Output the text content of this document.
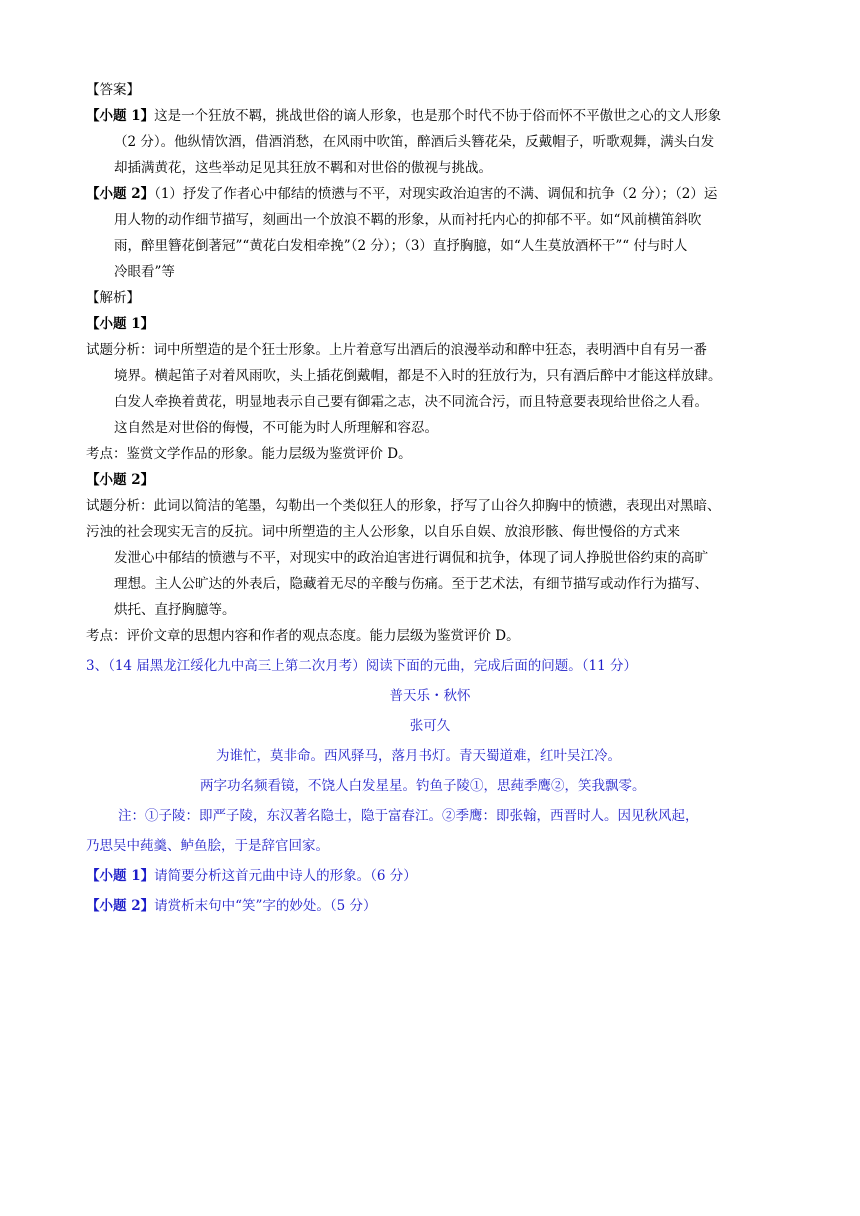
【答案】
【小题 1】这是一个狂放不羁，挑战世俗的谪人形象，也是那个时代不协于俗而怀不平傲世之心的文人形象
（2 分）。他纵情饮酒，借酒消愁，在风雨中吹笛，醉酒后头簪花朵，反戴帽子，听歌观舞，满头白发
却插满黄花，这些举动足见其狂放不羁和对世俗的傲视与挑战。
【小题 2】（1）抒发了作者心中郁结的愤懑与不平，对现实政治迫害的不满、调侃和抗争（2 分）；（2）运
用人物的动作细节描写，刻画出一个放浪不羁的形象，从而衬托内心的抑郁不平。如“风前横笛斜吹
雨，醉里簪花倒著冠”“黄花白发相牵挽”（2 分）；（3）直抒胸臆，如“人生莫放酒杯干”“ 付与时人
冷眼看”等
【解析】
【小题 1】
试题分析：词中所塑造的是个狂士形象。上片着意写出酒后的浪漫举动和醉中狂态，表明酒中自有另一番
境界。横起笛子对着风雨吹，头上插花倒戴帽，都是不入时的狂放行为，只有酒后醉中才能这样放肆。
白发人牵换着黄花，明显地表示自己要有御霜之志，决不同流合污，而且特意要表现给世俗之人看。
这自然是对世俗的侮慢，不可能为时人所理解和容忍。
考点：鉴赏文学作品的形象。能力层级为鉴赏评价 D。
【小题 2】
试题分析：此词以简洁的笔墨，勾勒出一个类似狂人的形象，抒写了山谷久抑胸中的愤懑，表现出对黑暗、
污浊的社会现实无言的反抗。词中所塑造的主人公形象，以自乐自娱、放浪形骸、侮世慢俗的方式来
发泄心中郁结的愤懑与不平，对现实中的政治迫害进行调侃和抗争，体现了词人挣脱世俗约束的高旷
理想。主人公旷达的外表后，隐藏着无尽的辛酸与伤痛。至于艺术法，有细节描写或动作行为描写、
烘托、直抒胸臆等。
考点：评价文章的思想内容和作者的观点态度。能力层级为鉴赏评价 D。
3、（14 届黑龙江绥化九中高三上第二次月考）阅读下面的元曲，完成后面的问题。（11 分）
普天乐・秋怀
张可久
为谁忙，莫非命。西风驿马，落月书灯。青天蜀道难，红叶吴江冷。
两字功名频看镜，不饶人白发星星。钓鱼子陵①，思莼季鹰②，笑我飘零。
注：①子陵：即严子陵，东汉著名隐士，隐于富春江。②季鹰：即张翰，西晋时人。因见秋风起，
乃思吴中莼羹、鲈鱼脍，于是辞官回家。
【小题 1】请简要分析这首元曲中诗人的形象。（6 分）
【小题 2】请赏析末句中“笑”字的妙处。（5 分）
